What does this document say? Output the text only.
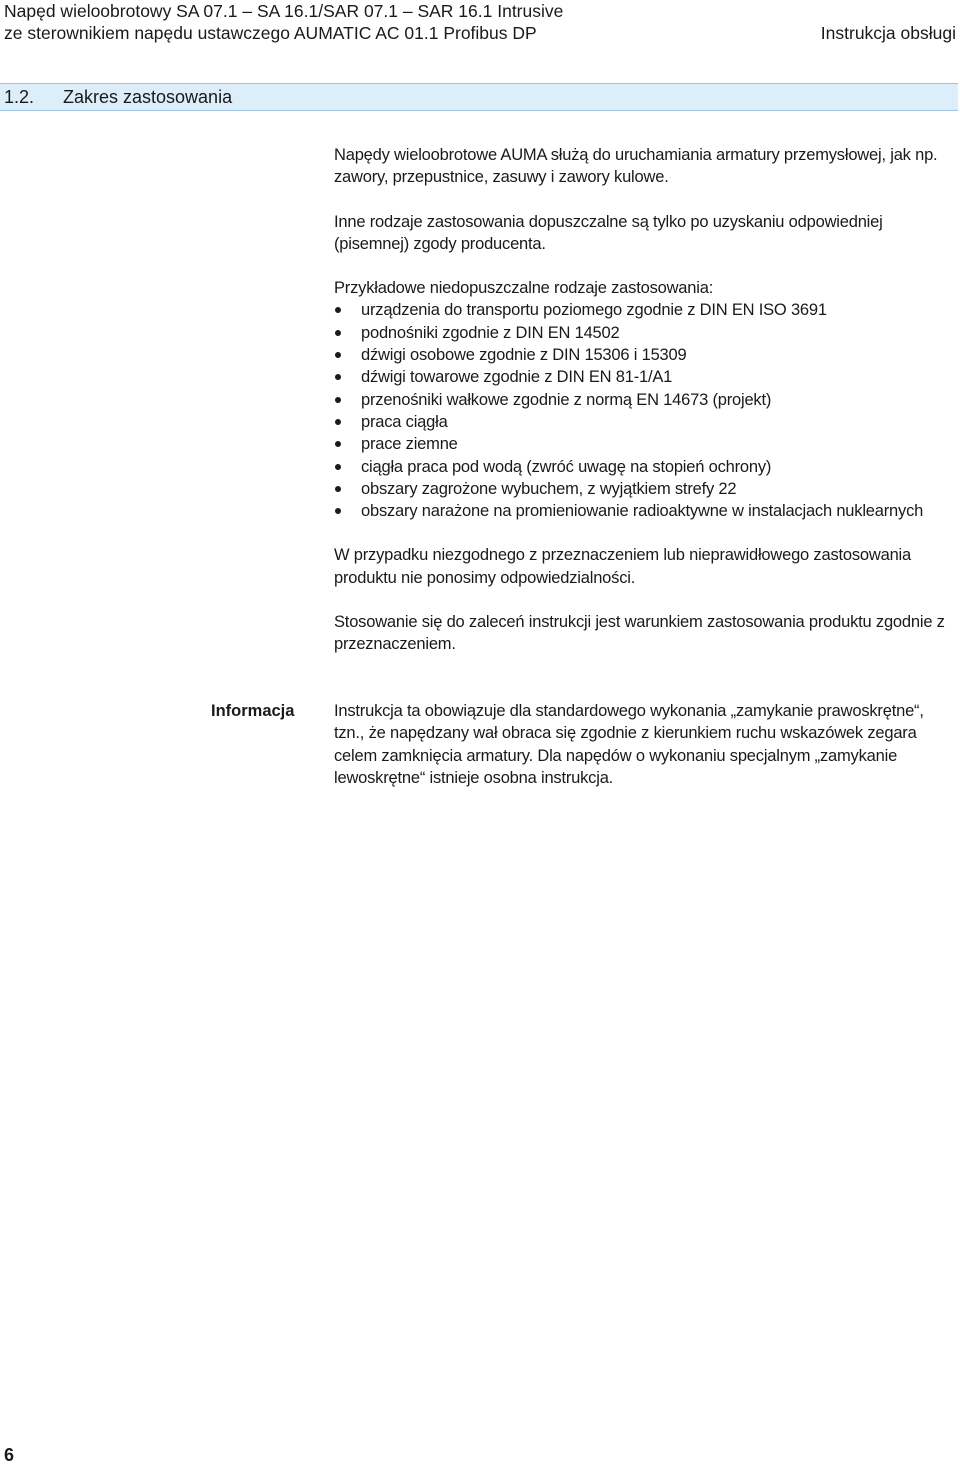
Napęd wieloobrotowy SA 07.1 – SA 16.1/SAR 07.1 – SAR 16.1 Intrusive
ze sterownikiem napędu ustawczego AUMATIC AC 01.1 Profibus DP	Instrukcja obsługi
1.2. Zakres zastosowania

Napędy wieloobrotowe AUMA służą do uruchamiania armatury przemysłowej, jak np. zawory, przepustnice, zasuwy i zawory kulowe.

Inne rodzaje zastosowania dopuszczalne są tylko po uzyskaniu odpowiedniej (pisemnej) zgody producenta.

Przykładowe niedopuszczalne rodzaje zastosowania:

urządzenia do transportu poziomego zgodnie z DIN EN ISO 3691
podnośniki zgodnie z DIN EN 14502
dźwigi osobowe zgodnie z DIN 15306 i 15309
dźwigi towarowe zgodnie z DIN EN 81-1/A1
przenośniki wałkowe zgodnie z normą EN 14673 (projekt)
praca ciągła
prace ziemne
ciągła praca pod wodą (zwróć uwagę na stopień ochrony)
obszary zagrożone wybuchem, z wyjątkiem strefy 22
obszary narażone na promieniowanie radioaktywne w instalacjach nuklearnych

W przypadku niezgodnego z przeznaczeniem lub nieprawidłowego zastosowania produktu nie ponosimy odpowiedzialności.

Stosowanie się do zaleceń instrukcji jest warunkiem zastosowania produktu zgodnie z przeznaczeniem.

Informacja Instrukcja ta obowiązuje dla standardowego wykonania „zamykanie prawoskrętne“, tzn., że napędzany wał obraca się zgodnie z kierunkiem ruchu wskazówek zegara celem zamknięcia armatury. Dla napędów o wykonaniu specjalnym „zamykanie lewoskrętne“ istnieje osobna instrukcja.
6
